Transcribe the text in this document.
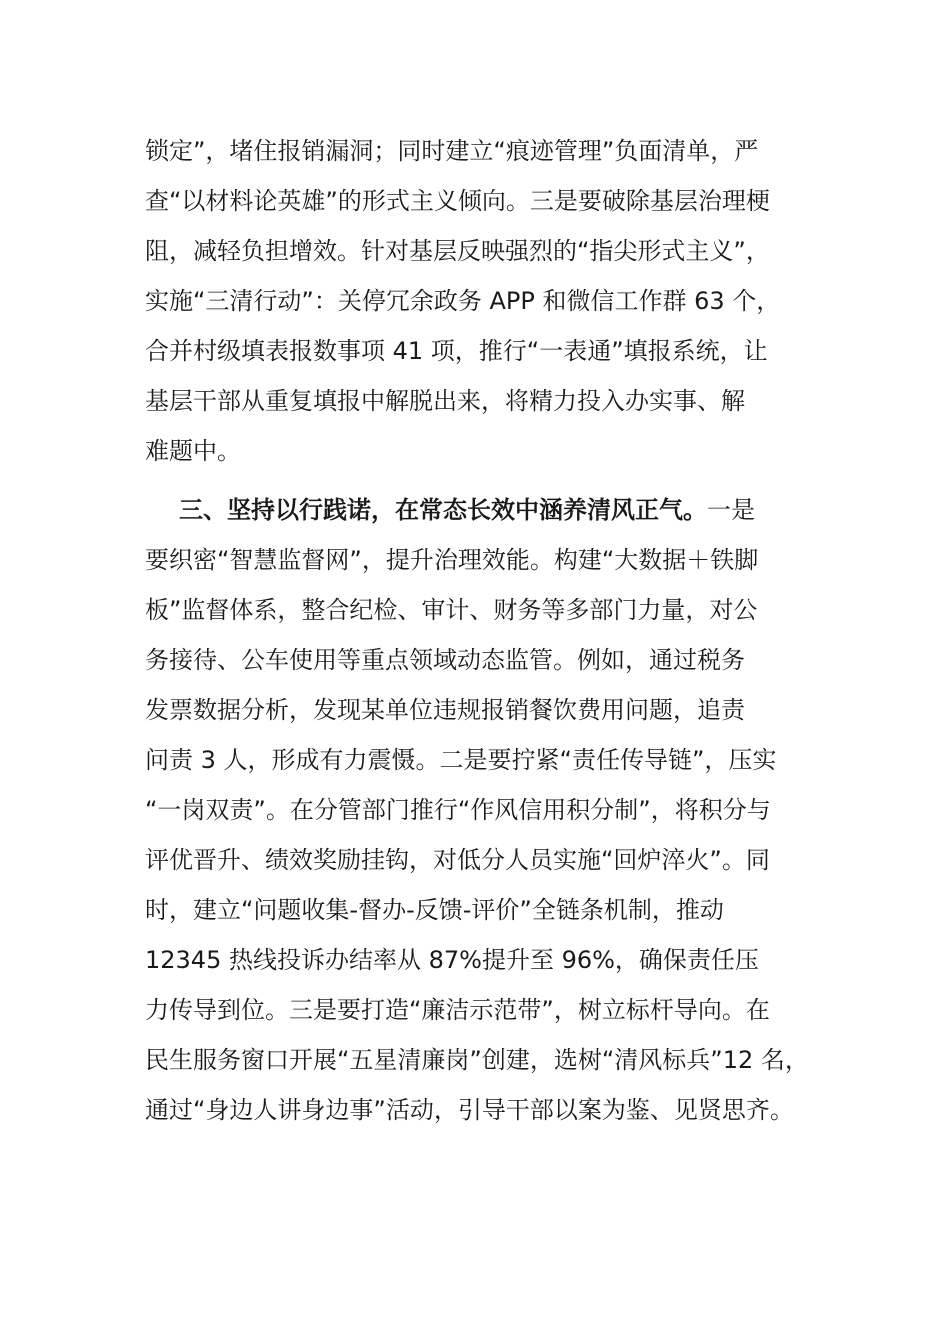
锁定”，堵住报销漏洞；同时建立“痕迹管理”负面清单，严
查“以材料论英雄”的形式主义倾向。三是要破除基层治理梗
阻，减轻负担增效。针对基层反映强烈的“指尖形式主义”，
实施“三清行动”：关停冗余政务 APP 和微信工作群 63 个，
合并村级填表报数事项 41 项，推行“一表通”填报系统，让
基层干部从重复填报中解脱出来，将精力投入办实事、解
难题中。
三、坚持以行践诺，在常态长效中涵养清风正气。一是
要织密“智慧监督网”，提升治理效能。构建“大数据＋铁脚
板”监督体系，整合纪检、审计、财务等多部门力量，对公
务接待、公车使用等重点领域动态监管。例如，通过税务
发票数据分析，发现某单位违规报销餐饮费用问题，追责
问责 3 人，形成有力震慑。二是要拧紧“责任传导链”，压实
“一岗双责”。在分管部门推行“作风信用积分制”，将积分与
评优晋升、绩效奖励挂钩，对低分人员实施“回炉淬火”。同
时，建立“问题收集-督办-反馈-评价”全链条机制，推动
12345 热线投诉办结率从 87%提升至 96%，确保责任压
力传导到位。三是要打造“廉洁示范带”，树立标杆导向。在
民生服务窗口开展“五星清廉岗”创建，选树“清风标兵”12 名，
通过“身边人讲身边事”活动，引导干部以案为鉴、见贤思齐。
